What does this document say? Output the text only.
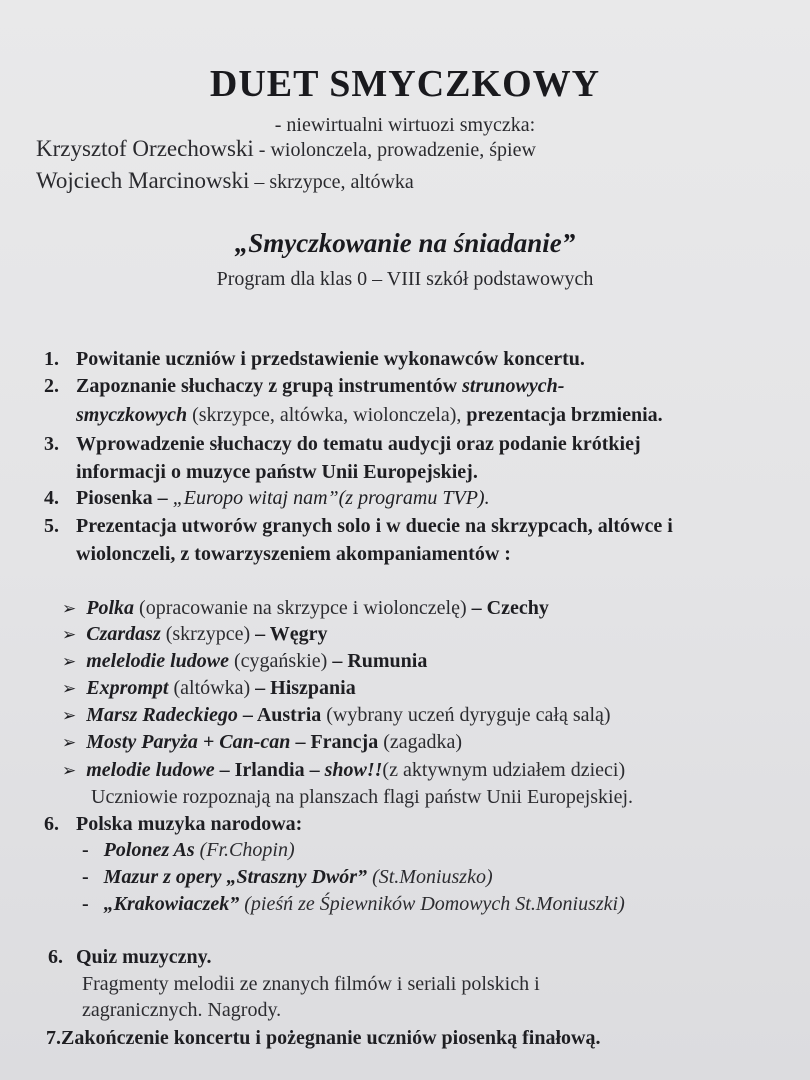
DUET SMYCZKOWY
- niewirtualni wirtuozi smyczka:
Krzysztof Orzechowski - wiolonczela, prowadzenie, śpiew
Wojciech Marcinowski – skrzypce, altówka
„Smyczkowanie na śniadanie”
Program dla klas 0 – VIII szkół podstawowych
1. Powitanie uczniów i przedstawienie wykonawców koncertu.
2. Zapoznanie słuchaczy z grupą instrumentów strunowych-
smyczkowych (skrzypce, altówka, wiolonczela), prezentacja brzmienia.
3. Wprowadzenie słuchaczy do tematu audycji oraz podanie krótkiej
informacji o muzyce państw Unii Europejskiej.
4. Piosenka – „Europo witaj nam”(z programu TVP).
5. Prezentacja utworów granych solo i w duecie na skrzypcach, altówce i
wiolonczeli, z towarzyszeniem akompaniamentów :
➢ Polka (opracowanie na skrzypce i wiolonczelę) – Czechy
➢ Czardasz (skrzypce) – Węgry
➢ melelodie ludowe (cygańskie) – Rumunia
➢ Exprompt (altówka) – Hiszpania
➢ Marsz Radeckiego – Austria (wybrany uczeń dyryguje całą salą)
➢ Mosty Paryża + Can-can – Francja (zagadka)
➢ melodie ludowe – Irlandia – show!!(z aktywnym udziałem dzieci)
Uczniowie rozpoznają na planszach flagi państw Unii Europejskiej.
6. Polska muzyka narodowa:
- Polonez As (Fr.Chopin)
- Mazur z opery „Straszny Dwór” (St.Moniuszko)
- „Krakowiaczek” (pieśń ze Śpiewników Domowych St.Moniuszki)
6. Quiz muzyczny.
Fragmenty melodii ze znanych filmów i seriali polskich i
zagranicznych. Nagrody.
7.Zakończenie koncertu i pożegnanie uczniów piosenką finałową.
